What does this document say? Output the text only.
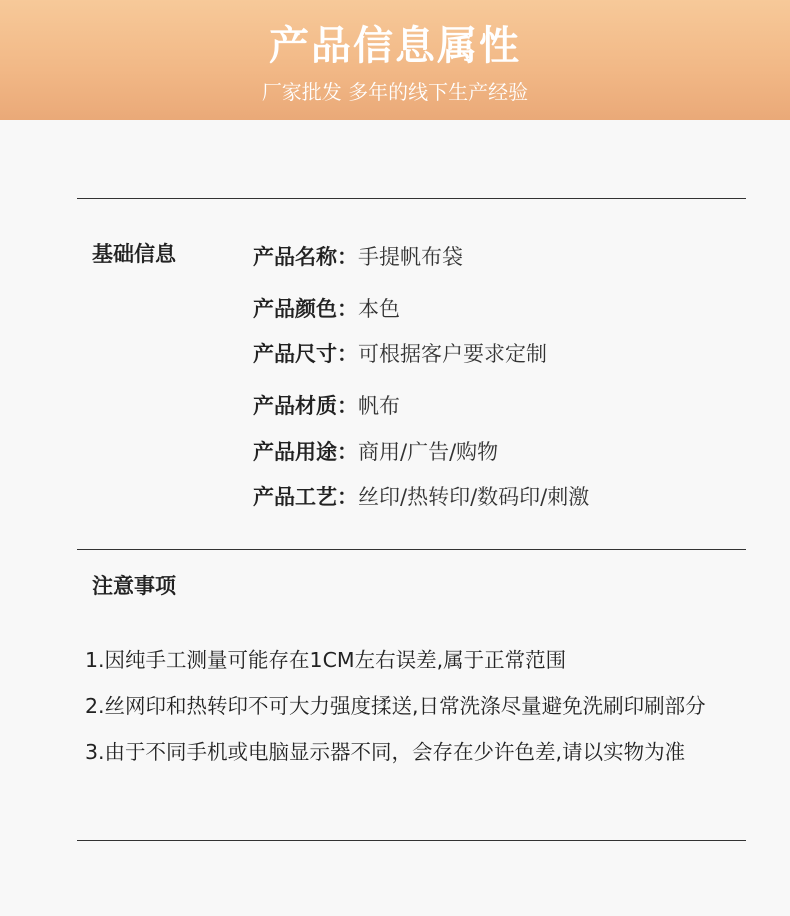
产品信息属性
厂家批发 多年的线下生产经验
基础信息	产品名称：手提帆布袋
产品颜色：本色
产品尺寸：可根据客户要求定制
产品材质：帆布
产品用途：商用/广告/购物
产品工艺：丝印/热转印/数码印/刺激
注意事项
1.因纯手工测量可能存在1CM左右误差,属于正常范围
2.丝网印和热转印不可大力强度揉送,日常洗涤尽量避免洗刷印刷部分
3.由于不同手机或电脑显示器不同，会存在少许色差,请以实物为准
